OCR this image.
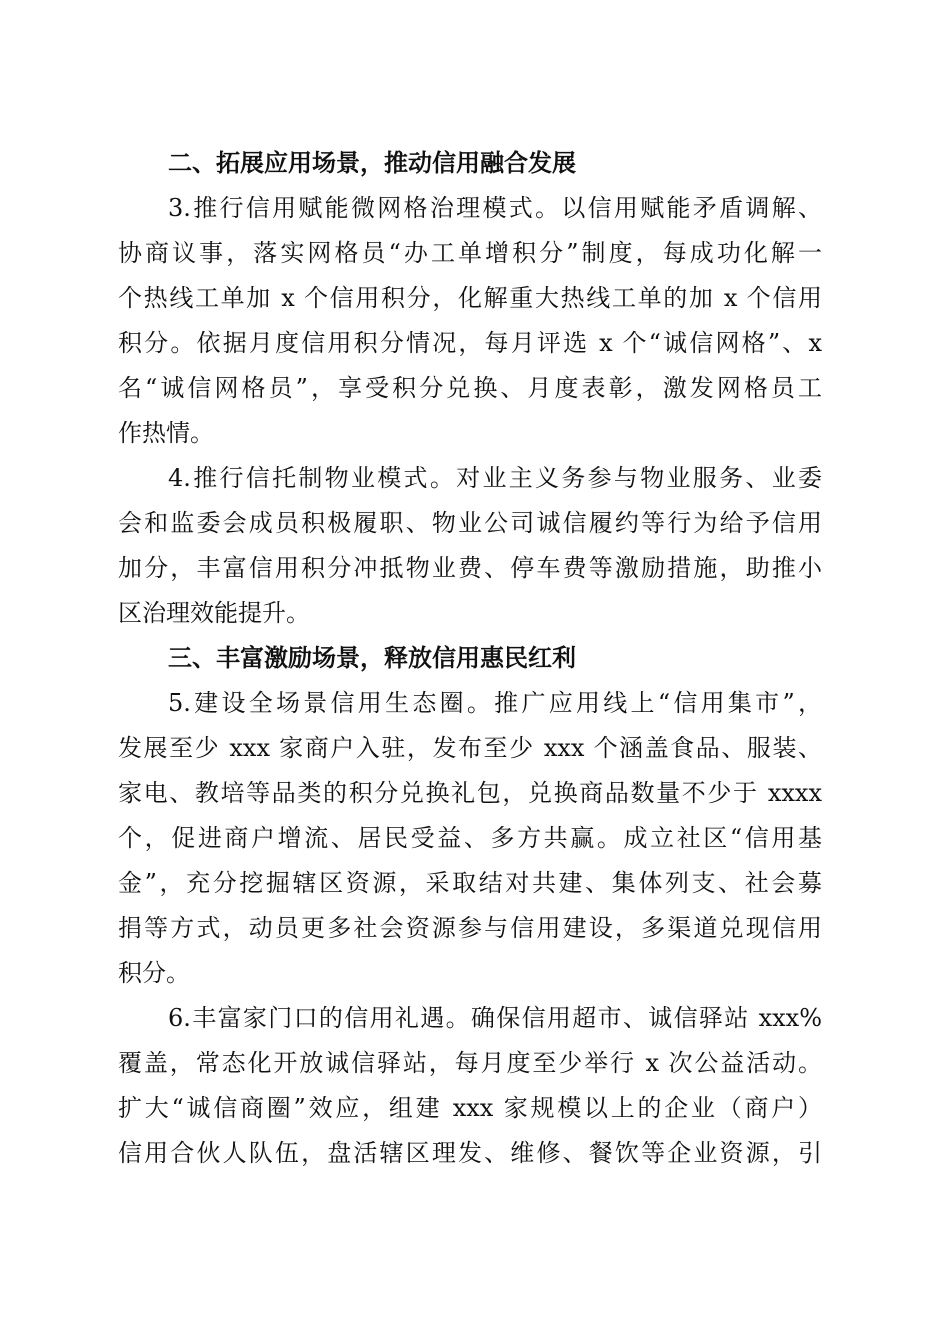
二、拓展应用场景，推动信用融合发展
3.推行信用赋能微网格治理模式。以信用赋能矛盾调解、
协商议事，落实网格员“办工单增积分”制度，每成功化解一
个热线工单加 x 个信用积分，化解重大热线工单的加 x 个信用
积分。依据月度信用积分情况，每月评选 x 个“诚信网格”、x
名“诚信网格员”，享受积分兑换、月度表彰，激发网格员工
作热情。
4.推行信托制物业模式。对业主义务参与物业服务、业委
会和监委会成员积极履职、物业公司诚信履约等行为给予信用
加分，丰富信用积分冲抵物业费、停车费等激励措施，助推小
区治理效能提升。
三、丰富激励场景，释放信用惠民红利
5.建设全场景信用生态圈。推广应用线上“信用集市”，
发展至少 xxx 家商户入驻，发布至少 xxx 个涵盖食品、服装、
家电、教培等品类的积分兑换礼包，兑换商品数量不少于 xxxx
个，促进商户增流、居民受益、多方共赢。成立社区“信用基
金”，充分挖掘辖区资源，采取结对共建、集体列支、社会募
捐等方式，动员更多社会资源参与信用建设，多渠道兑现信用
积分。
6.丰富家门口的信用礼遇。确保信用超市、诚信驿站 xxx%
覆盖，常态化开放诚信驿站，每月度至少举行 x 次公益活动。
扩大“诚信商圈”效应，组建 xxx 家规模以上的企业（商户）
信用合伙人队伍，盘活辖区理发、维修、餐饮等企业资源，引
